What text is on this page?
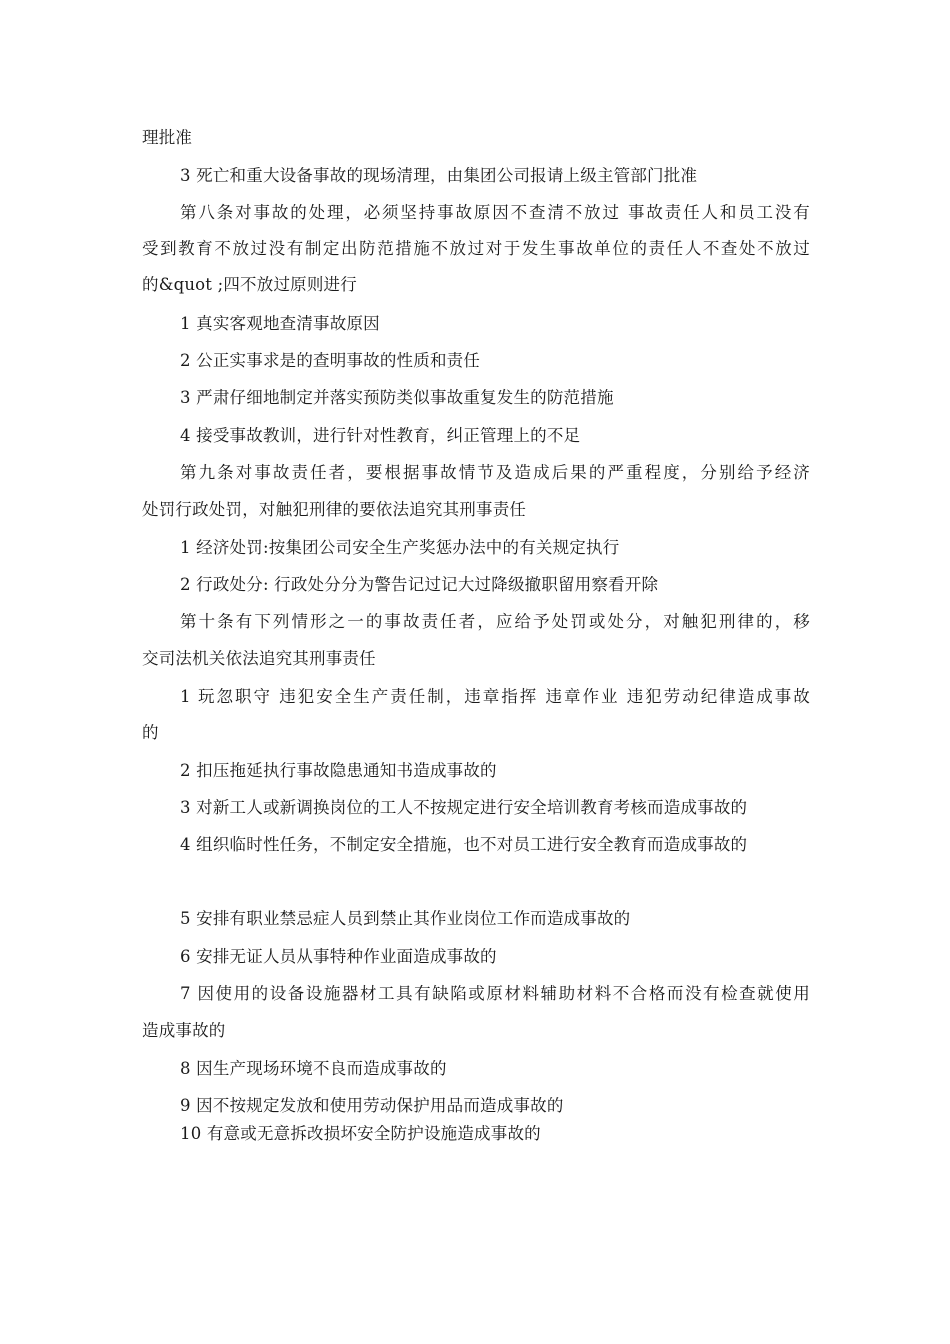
理批准
3 死亡和重大设备事故的现场清理，由集团公司报请上级主管部门批准
第八条对事故的处理，必须坚持事故原因不查清不放过 事故责任人和员工没有
受到教育不放过没有制定出防范措施不放过对于发生事故单位的责任人不查处不放过
的&quot ;四不放过原则进行
1 真实客观地查清事故原因
2 公正实事求是的查明事故的性质和责任
3 严肃仔细地制定并落实预防类似事故重复发生的防范措施
4 接受事故教训，进行针对性教育，纠正管理上的不足
第九条对事故责任者，要根据事故情节及造成后果的严重程度，分别给予经济
处罚行政处罚，对触犯刑律的要依法追究其刑事责任
1 经济处罚:按集团公司安全生产奖惩办法中的有关规定执行
2 行政处分: 行政处分分为警告记过记大过降级撤职留用察看开除
第十条有下列情形之一的事故责任者，应给予处罚或处分，对触犯刑律的，移
交司法机关依法追究其刑事责任
1 玩忽职守 违犯安全生产责任制，违章指挥 违章作业 违犯劳动纪律造成事故
的
2 扣压拖延执行事故隐患通知书造成事故的
3 对新工人或新调换岗位的工人不按规定进行安全培训教育考核而造成事故的
4 组织临时性任务，不制定安全措施，也不对员工进行安全教育而造成事故的
5 安排有职业禁忌症人员到禁止其作业岗位工作而造成事故的
6 安排无证人员从事特种作业面造成事故的
7 因使用的设备设施器材工具有缺陷或原材料辅助材料不合格而没有检查就使用
造成事故的
8 因生产现场环境不良而造成事故的
9 因不按规定发放和使用劳动保护用品而造成事故的
10 有意或无意拆改损坏安全防护设施造成事故的
